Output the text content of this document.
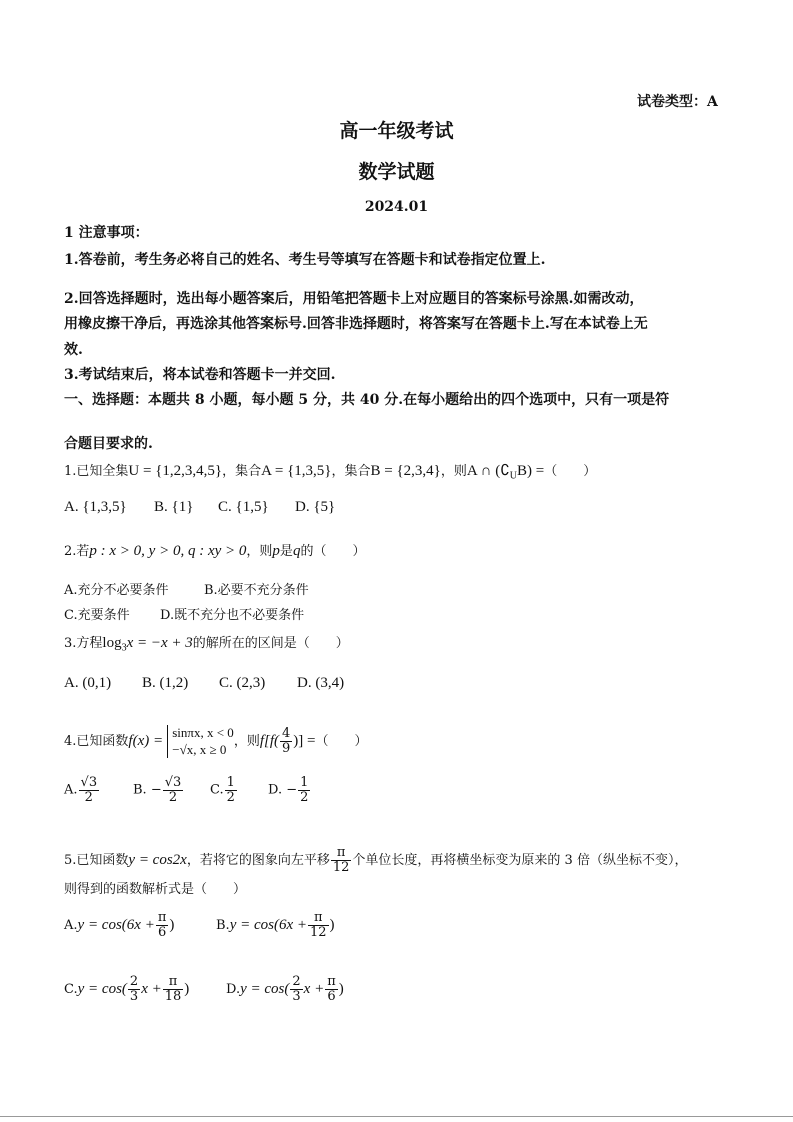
试卷类型：A
高一年级考试
数学试题
2024.01
1 注意事项：
1.答卷前，考生务必将自己的姓名、考生号等填写在答题卡和试卷指定位置上.
2.回答选择题时，选出每小题答案后，用铅笔把答题卡上对应题目的答案标号涂黑.如需改动，
用橡皮擦干净后，再选涂其他答案标号.回答非选择题时，将答案写在答题卡上.写在本试卷上无
效.
3.考试结束后，将本试卷和答题卡一并交回.
一、选择题：本题共 8 小题，每小题 5 分，共 40 分.在每小题给出的四个选项中，只有一项是符
合题目要求的.
1.已知全集U = {1,2,3,4,5}，集合A = {1,3,5}，集合B = {2,3,4}，则A ∩ $(∁_UB)$ =（　　）
A. {1,3,5} B. {1} C. {1,5} D. {5}
2.若p : x > 0, y > 0, q : xy > 0，则p是q的（　　）
A.充分不必要条件	B.必要不充分条件
C.充要条件 D.既不充分也不必要条件
3.方程$\log_3x = -x + 3$的解所在的区间是（　　）
A. (0,1) B. (1,2) C. (2,3) D. (3,4)
4.已知函数f(x) =
sinπx, x < 0
−√x, x ≥ 0 ，则$f[f( \frac{4}{9}$ )] =（　　）
A. $\frac{√3}{2}$	B. − $\frac{√3}{2} C$. $\frac{1}{2} D$. − $\frac{1}{2}$
5.已知函数y = cos2x，若将它的图象向左平移 $\frac{\pi}{12}$ 个单位长度，再将横坐标变为原来的 3 倍（纵坐标不变），
则得到的函数解析式是（　　）
$A.y = \cos(6x + \frac{\pi}{6}$ )	$B.y = \cos(6x + \frac{\pi}{12}$ )
$C.y = \cos( \frac{2}{3}$ $x + \frac{\pi}{18}$ )	$D.y = \cos( \frac{2}{3}$ $x + \frac{\pi}{6}$ )
